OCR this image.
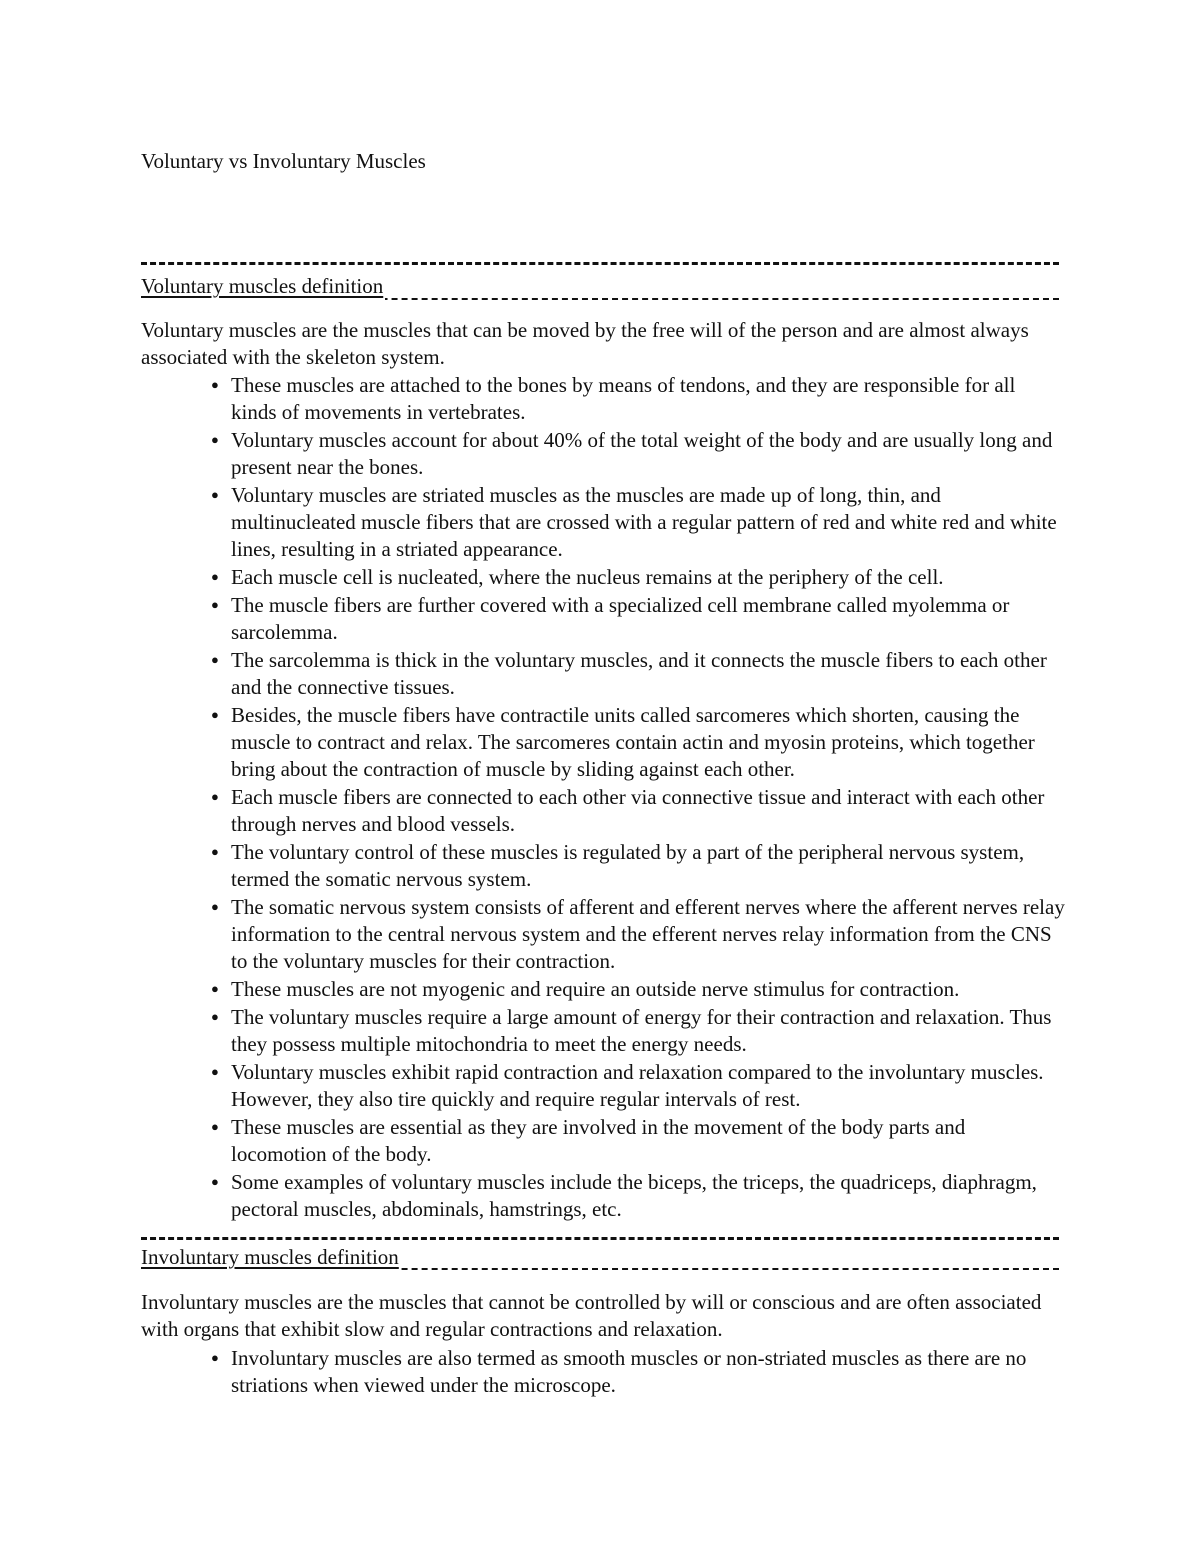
Voluntary vs Involuntary Muscles
Voluntary muscles definition

Voluntary muscles are the muscles that can be moved by the free will of the person and are almost always associated with the skeleton system.

● These muscles are attached to the bones by means of tendons, and they are responsible for all kinds of movements in vertebrates.
● Voluntary muscles account for about 40% of the total weight of the body and are usually long and present near the bones.
● Voluntary muscles are striated muscles as the muscles are made up of long, thin, and multinucleated muscle fibers that are crossed with a regular pattern of red and white red and white lines, resulting in a striated appearance.
● Each muscle cell is nucleated, where the nucleus remains at the periphery of the cell.
● The muscle fibers are further covered with a specialized cell membrane called myolemma or sarcolemma.
● The sarcolemma is thick in the voluntary muscles, and it connects the muscle fibers to each other and the connective tissues.
● Besides, the muscle fibers have contractile units called sarcomeres which shorten, causing the muscle to contract and relax. The sarcomeres contain actin and myosin proteins, which together bring about the contraction of muscle by sliding against each other.
● Each muscle fibers are connected to each other via connective tissue and interact with each other through nerves and blood vessels.
● The voluntary control of these muscles is regulated by a part of the peripheral nervous system, termed the somatic nervous system.
● The somatic nervous system consists of afferent and efferent nerves where the afferent nerves relay information to the central nervous system and the efferent nerves relay information from the CNS to the voluntary muscles for their contraction.
● These muscles are not myogenic and require an outside nerve stimulus for contraction.
● The voluntary muscles require a large amount of energy for their contraction and relaxation. Thus they possess multiple mitochondria to meet the energy needs.
● Voluntary muscles exhibit rapid contraction and relaxation compared to the involuntary muscles. However, they also tire quickly and require regular intervals of rest.
● These muscles are essential as they are involved in the movement of the body parts and locomotion of the body.
● Some examples of voluntary muscles include the biceps, the triceps, the quadriceps, diaphragm, pectoral muscles, abdominals, hamstrings, etc.
Involuntary muscles definition

Involuntary muscles are the muscles that cannot be controlled by will or conscious and are often associated with organs that exhibit slow and regular contractions and relaxation.

● Involuntary muscles are also termed as smooth muscles or non-striated muscles as there are no striations when viewed under the microscope.
